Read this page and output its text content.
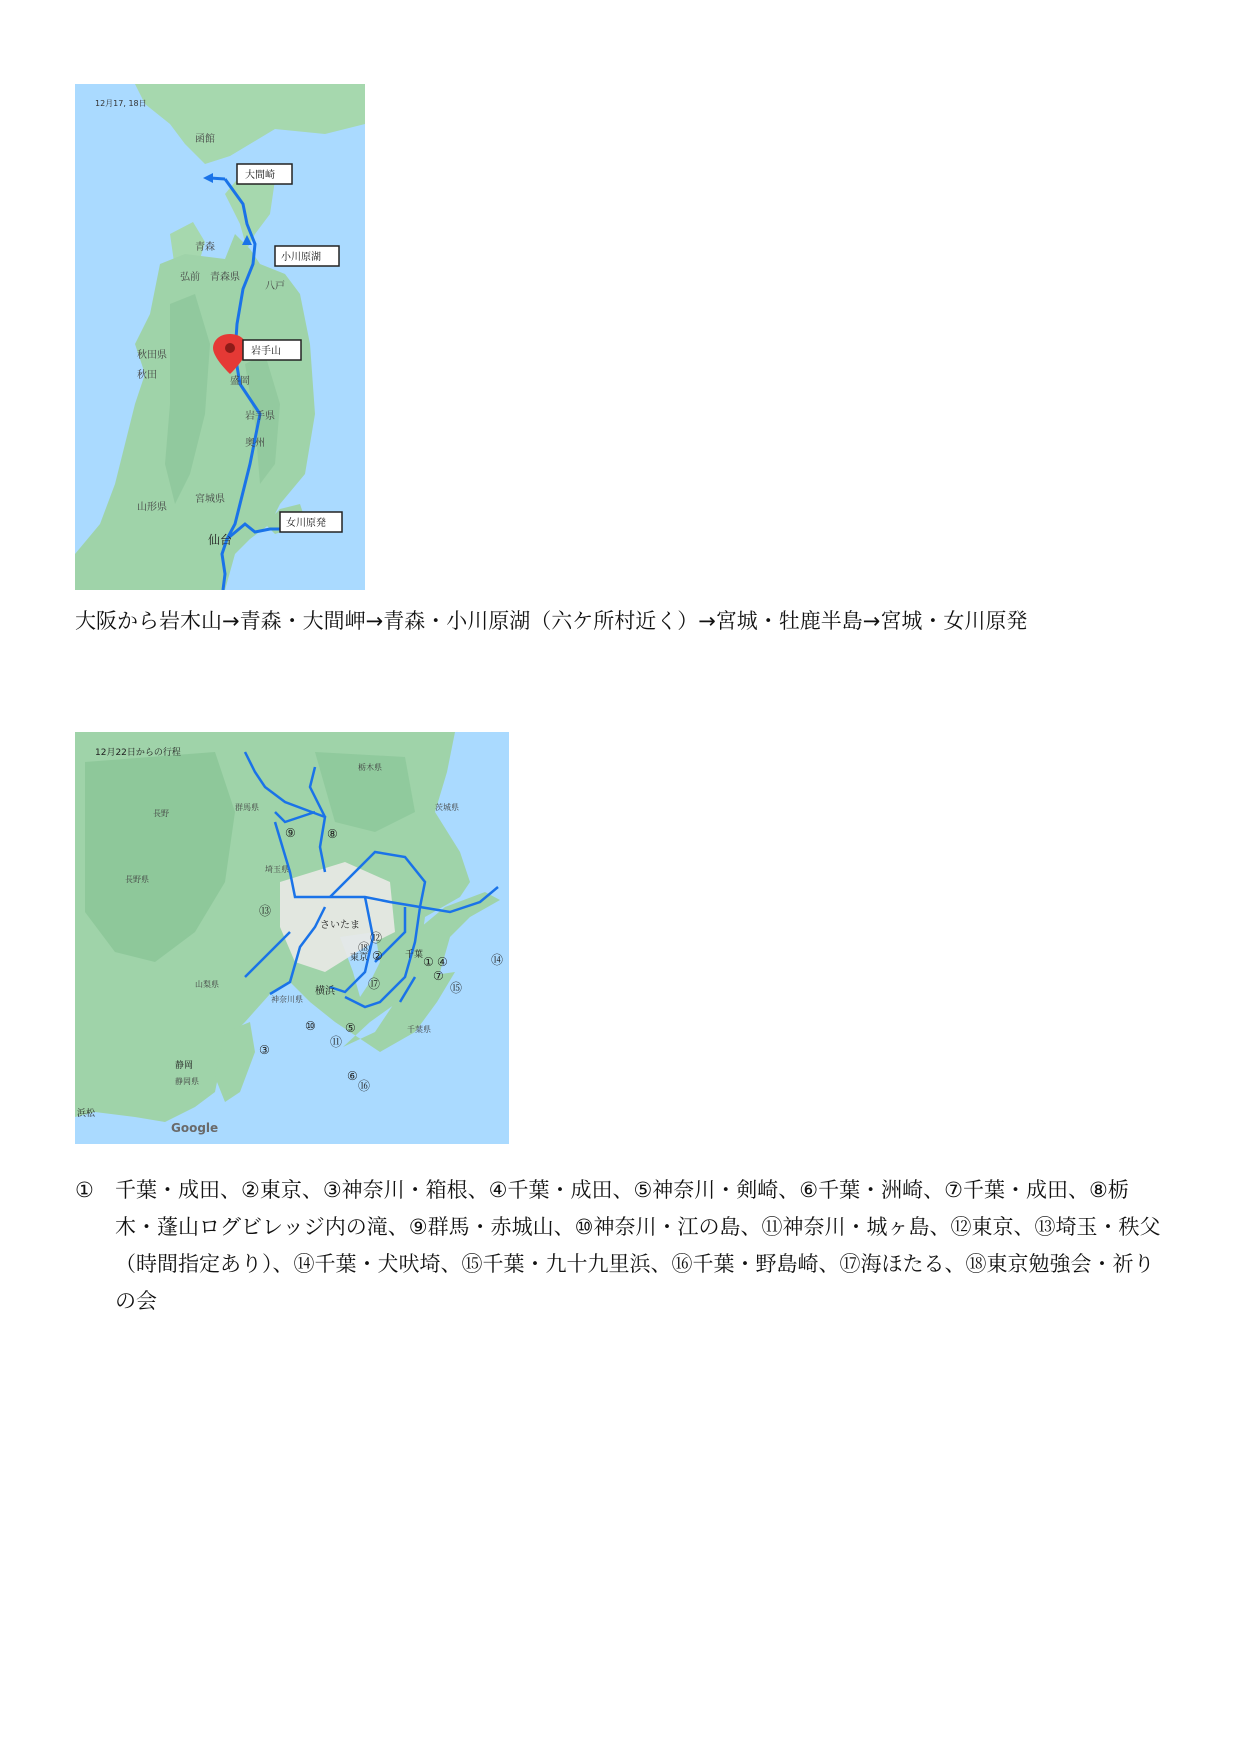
12月17, 18日
大間崎
小川原湖
岩手山
女川原発
函館
青森
弘前 青森県
八戸
秋田県
秋田
盛岡
岩手県
奥州
宮城県
山形県
仙台
大阪から岩木山→青森・大間岬→青森・小川原湖（六ケ所村近く）→宮城・牡鹿半島→宮城・女川原発
12月22日からの行程
栃木県
群馬県	茨城県
長野
長野県
埼玉県
さいたま
東京	千葉
山梨県
神奈川県
横浜
千葉県
静岡
静岡県
浜松
⑨	⑧
⑬
⑫
⑱
②	① ④	⑭
⑦
⑮
⑰
⑩ ⑤
⑪
③
⑥
⑯
Google
①	千葉・成田、②東京、③神奈川・箱根、④千葉・成田、⑤神奈川・剣崎、⑥千葉・洲崎、⑦千葉・成田、⑧栃木・蓬山ログビレッジ内の滝、⑨群馬・赤城山、⑩神奈川・江の島、⑪神奈川・城ヶ島、⑫東京、⑬埼玉・秩父（時間指定あり）、⑭千葉・犬吠埼、⑮千葉・九十九里浜、⑯千葉・野島崎、⑰海ほたる、⑱東京勉強会・祈りの会
